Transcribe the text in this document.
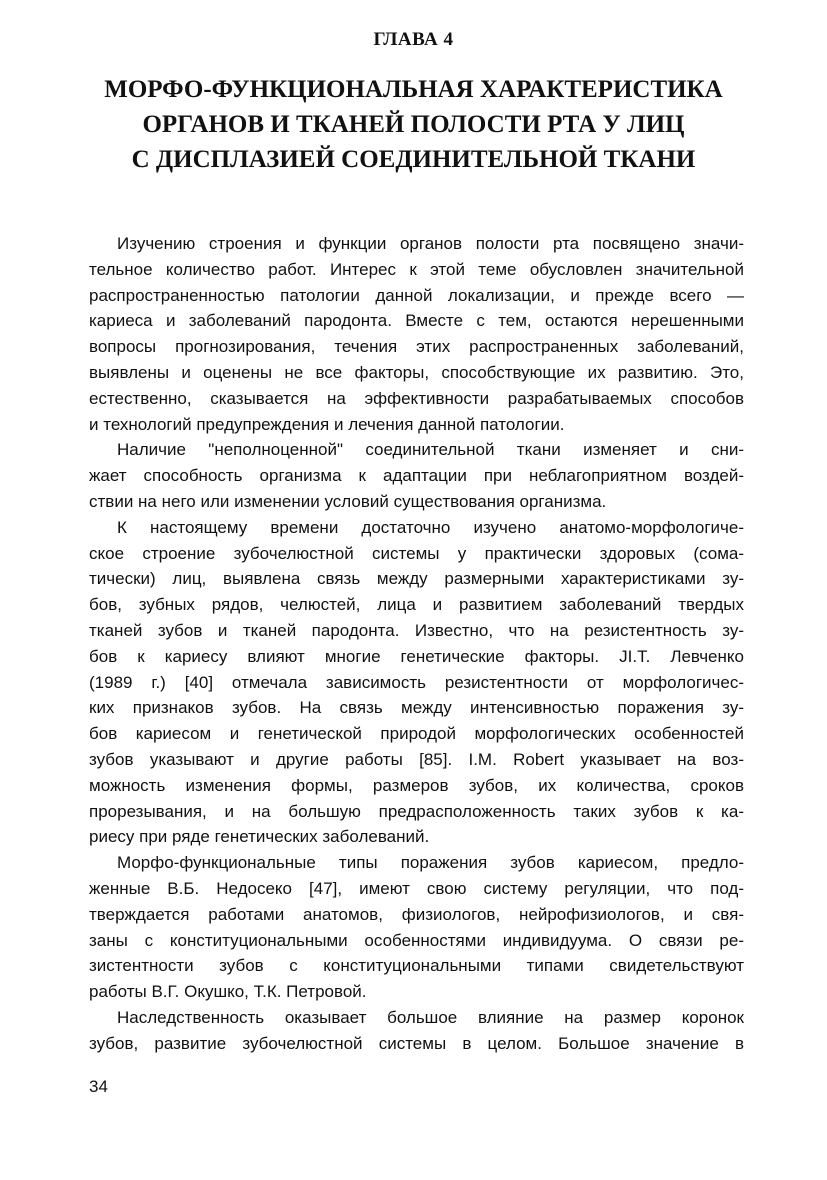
ГЛАВА 4
МОРФО-ФУНКЦИОНАЛЬНАЯ ХАРАКТЕРИСТИКА
ОРГАНОВ И ТКАНЕЙ ПОЛОСТИ РТА У ЛИЦ
С ДИСПЛАЗИЕЙ СОЕДИНИТЕЛЬНОЙ ТКАНИ

Изучению строения и функции органов полости рта посвящено значи-
тельное количество работ. Интерес к этой теме обусловлен значительной
распространенностью патологии данной локализации, и прежде всего —
кариеса и заболеваний пародонта. Вместе с тем, остаются нерешенными
вопросы прогнозирования, течения этих распространенных заболеваний,
выявлены и оценены не все факторы, способствующие их развитию. Это,
естественно, сказывается на эффективности разрабатываемых способов
и технологий предупреждения и лечения данной патологии.

Наличие "неполноценной" соединительной ткани изменяет и сни-
жает способность организма к адаптации при неблагоприятном воздей-
ствии на него или изменении условий существования организма.

К настоящему времени достаточно изучено анатомо-морфологиче-
ское строение зубочелюстной системы у практически здоровых (сома-
тически) лиц, выявлена связь между размерными характеристиками зу-
бов, зубных рядов, челюстей, лица и развитием заболеваний твердых
тканей зубов и тканей пародонта. Известно, что на резистентность зу-
бов к кариесу влияют многие генетические факторы. JI.Т. Левченко
(1989 г.) [40] отмечала зависимость резистентности от морфологичес-
ких признаков зубов. На связь между интенсивностью поражения зу-
бов кариесом и генетической природой морфологических особенностей
зубов указывают и другие работы [85]. I.M. Robert указывает на воз-
можность изменения формы, размеров зубов, их количества, сроков
прорезывания, и на большую предрасположенность таких зубов к ка-
риесу при ряде генетических заболеваний.

Морфо-функциональные типы поражения зубов кариесом, предло-
женные В.Б. Недосеко [47], имеют свою систему регуляции, что под-
тверждается работами анатомов, физиологов, нейрофизиологов, и свя-
заны с конституциональными особенностями индивидуума. О связи ре-
зистентности зубов с конституциональными типами свидетельствуют
работы В.Г. Окушко, Т.К. Петровой.

Наследственность оказывает большое влияние на размер коронок
зубов, развитие зубочелюстной системы в целом. Большое значение в

34
